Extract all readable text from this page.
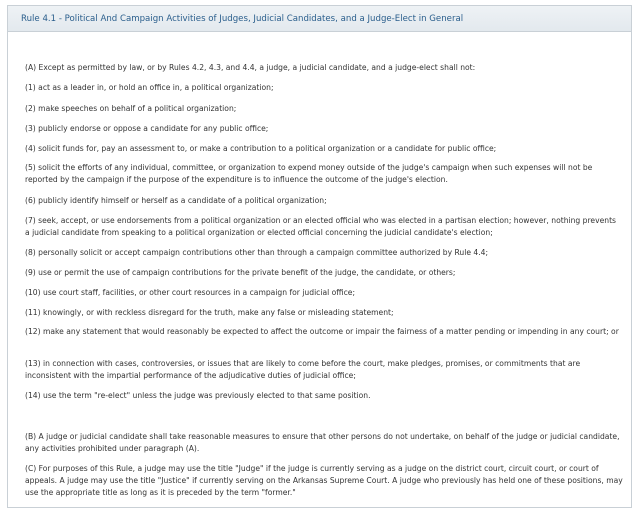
Rule 4.1 - Political And Campaign Activities of Judges, Judicial Candidates, and a Judge-Elect in General

(A) Except as permitted by law, or by Rules 4.2, 4.3, and 4.4, a judge, a judicial candidate, and a judge-elect shall not:

(1) act as a leader in, or hold an office in, a political organization;

(2) make speeches on behalf of a political organization;

(3) publicly endorse or oppose a candidate for any public office;

(4) solicit funds for, pay an assessment to, or make a contribution to a political organization or a candidate for public office;

(5) solicit the efforts of any individual, committee, or organization to expend money outside of the judge's campaign when such expenses will not be reported by the campaign if the purpose of the expenditure is to influence the outcome of the judge's election.

(6) publicly identify himself or herself as a candidate of a political organization;

(7) seek, accept, or use endorsements from a political organization or an elected official who was elected in a partisan election; however, nothing prevents a judicial candidate from speaking to a political organization or elected official concerning the judicial candidate's election;

(8) personally solicit or accept campaign contributions other than through a campaign committee authorized by Rule 4.4;

(9) use or permit the use of campaign contributions for the private benefit of the judge, the candidate, or others;

(10) use court staff, facilities, or other court resources in a campaign for judicial office;

(11) knowingly, or with reckless disregard for the truth, make any false or misleading statement;

(12) make any statement that would reasonably be expected to affect the outcome or impair the fairness of a matter pending or impending in any court; or

(13) in connection with cases, controversies, or issues that are likely to come before the court, make pledges, promises, or commitments that are inconsistent with the impartial performance of the adjudicative duties of judicial office;

(14) use the term "re-elect" unless the judge was previously elected to that same position.

(B) A judge or judicial candidate shall take reasonable measures to ensure that other persons do not undertake, on behalf of the judge or judicial candidate, any activities prohibited under paragraph (A).

(C) For purposes of this Rule, a judge may use the title "Judge" if the judge is currently serving as a judge on the district court, circuit court, or court of appeals. A judge may use the title "Justice" if currently serving on the Arkansas Supreme Court. A judge who previously has held one of these positions, may use the appropriate title as long as it is preceded by the term "former."
